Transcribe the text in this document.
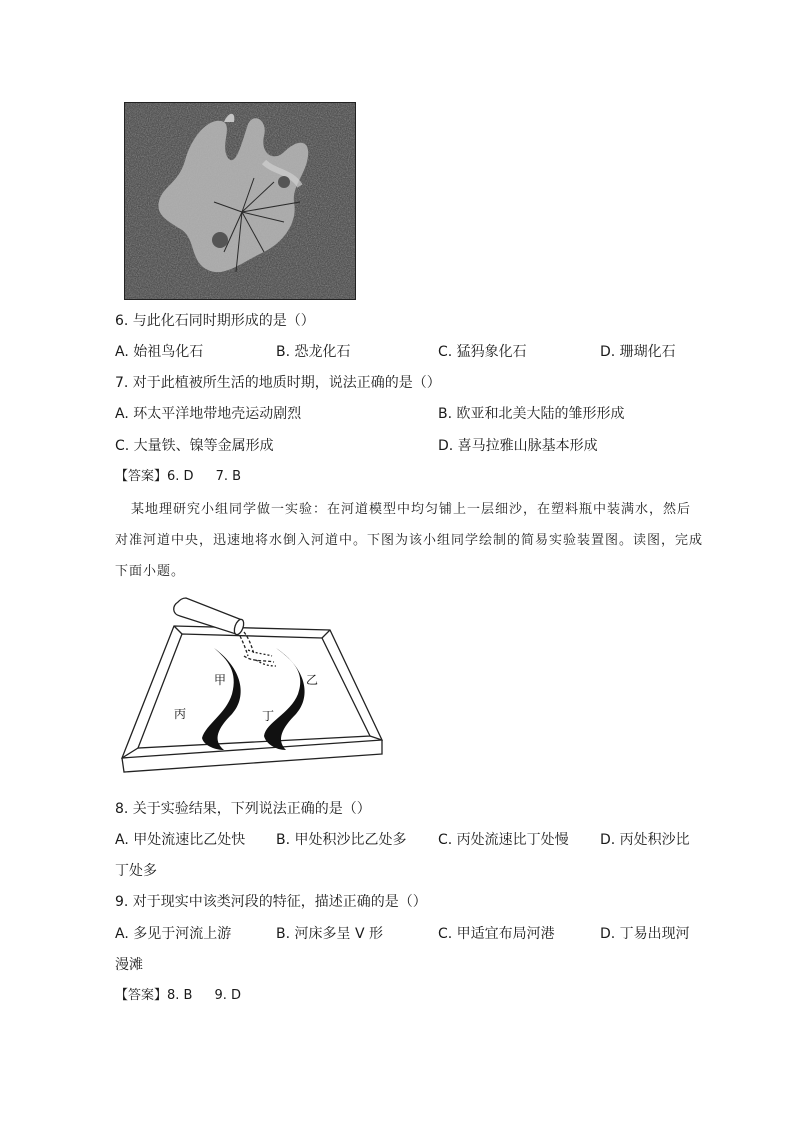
6. 与此化石同时期形成的是（）
A. 始祖鸟化石	B. 恐龙化石	C. 猛犸象化石	D. 珊瑚化石
7. 对于此植被所生活的地质时期，说法正确的是（）
A. 环太平洋地带地壳运动剧烈	B. 欧亚和北美大陆的雏形形成
C. 大量铁、镍等金属形成	D. 喜马拉雅山脉基本形成
【答案】6. D 7. B
某地理研究小组同学做一实验：在河道模型中均匀铺上一层细沙，在塑料瓶中装满水，然后
对准河道中央，迅速地将水倒入河道中。下图为该小组同学绘制的简易实验装置图。读图，完成
下面小题。
甲	乙
丙	丁
8. 关于实验结果，下列说法正确的是（）
A. 甲处流速比乙处快 B. 甲处积沙比乙处多 C. 丙处流速比丁处慢 D. 丙处积沙比
丁处多
9. 对于现实中该类河段的特征，描述正确的是（）
A. 多见于河流上游	B. 河床多呈 V 形	C. 甲适宜布局河港	D. 丁易出现河
漫滩
【答案】8. B 9. D
